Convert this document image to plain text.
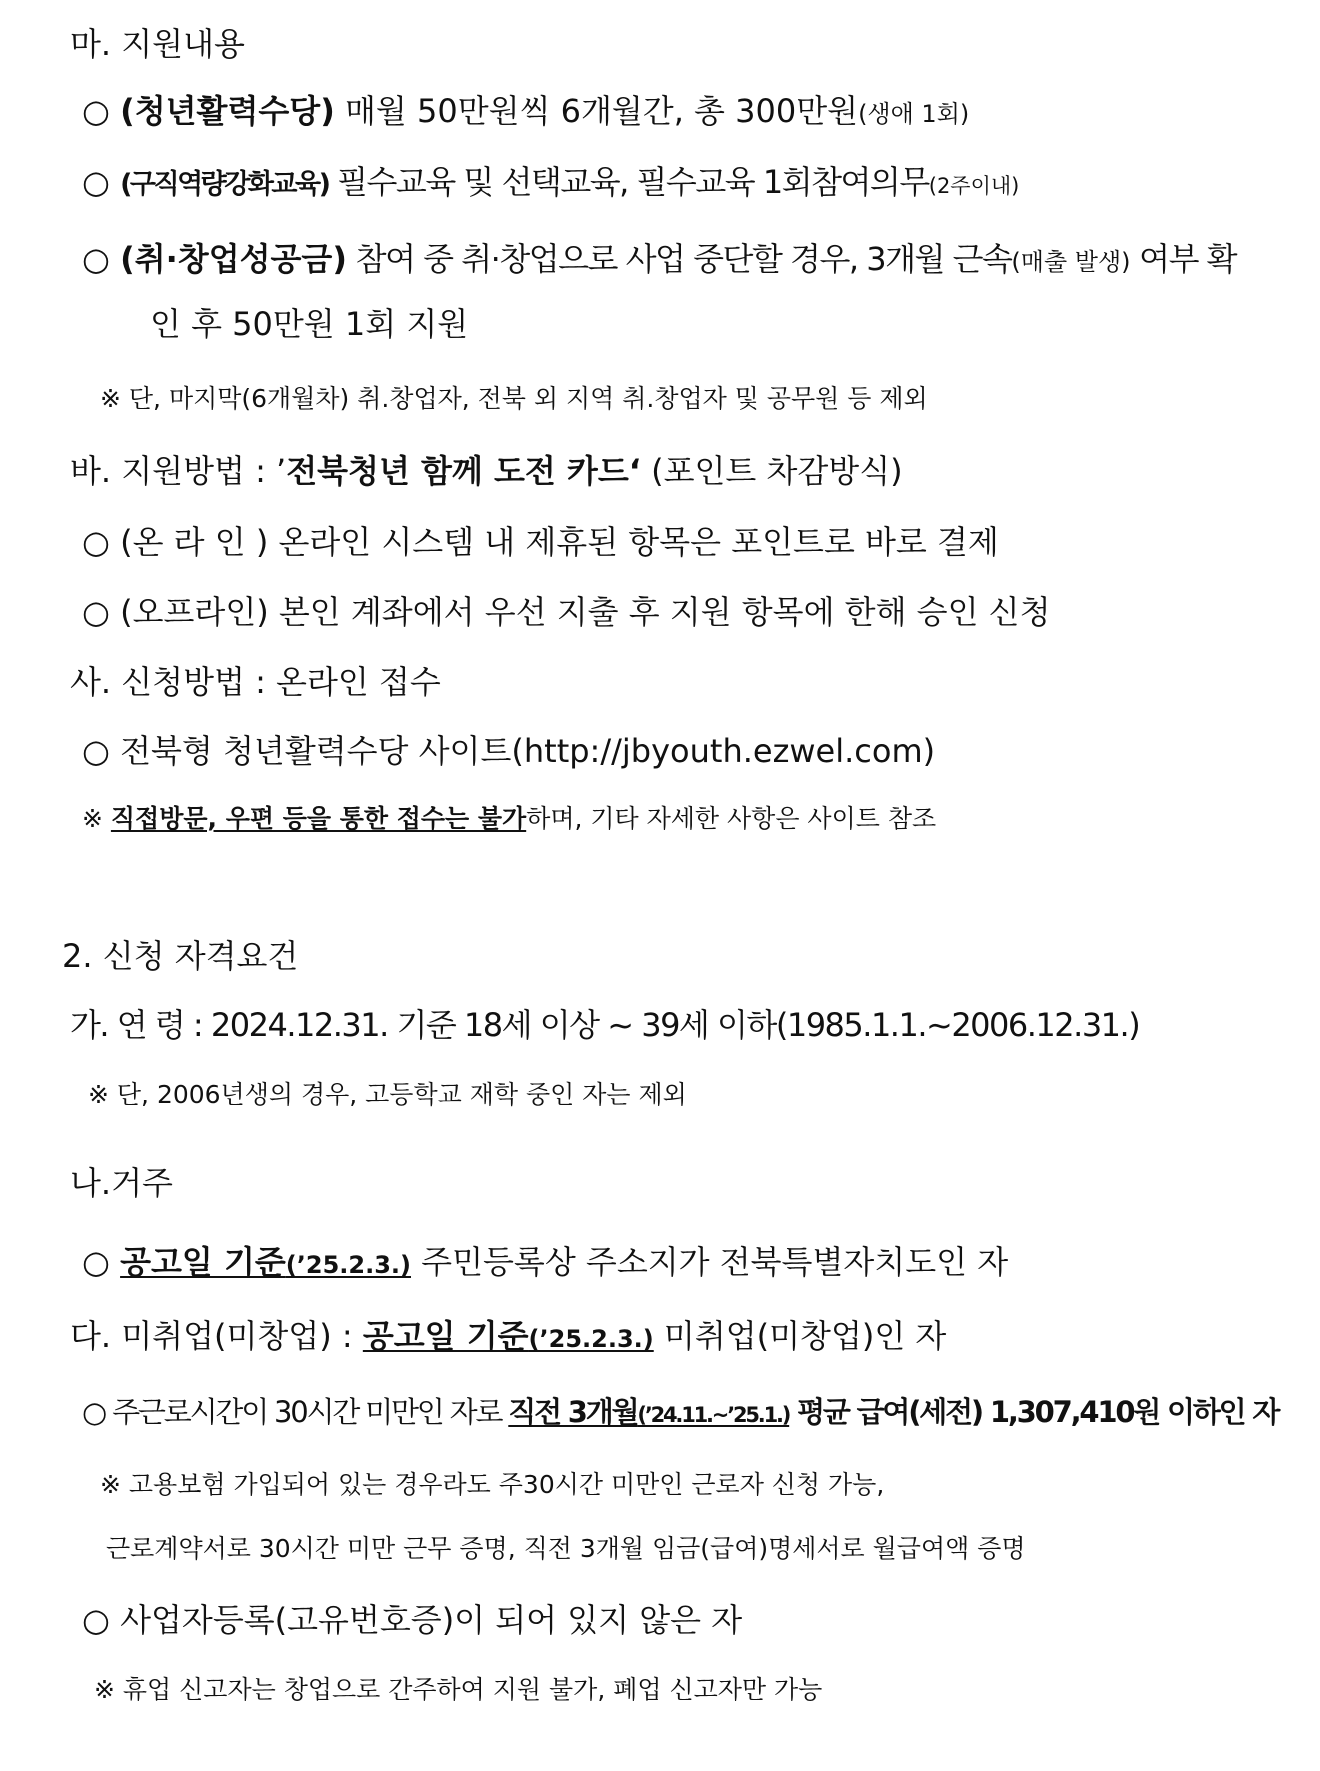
마. 지원내용
○ (청년활력수당) 매월 50만원씩 6개월간, 총 300만원(생애 1회)
○ (구직역량강화교육) 필수교육 및 선택교육, 필수교육 1회참여의무(2주이내)
○ (취·창업성공금) 참여 중 취·창업으로 사업 중단할 경우, 3개월 근속(매출 발생) 여부 확
인 후 50만원 1회 지원
※ 단, 마지막(6개월차) 취.창업자, 전북 외 지역 취.창업자 및 공무원 등 제외
바. 지원방법 : ’전북청년 함께 도전 카드‘ (포인트 차감방식)
○ (온 라 인 ) 온라인 시스템 내 제휴된 항목은 포인트로 바로 결제
○ (오프라인) 본인 계좌에서 우선 지출 후 지원 항목에 한해 승인 신청
사. 신청방법 : 온라인 접수
○ 전북형 청년활력수당 사이트(http://jbyouth.ezwel.com)
※ 직접방문, 우편 등을 통한 접수는 불가하며, 기타 자세한 사항은 사이트 참조
2. 신청 자격요건
가. 연 령 : 2024.12.31. 기준 18세 이상 ~ 39세 이하(1985.1.1.~2006.12.31.)
※ 단, 2006년생의 경우, 고등학교 재학 중인 자는 제외
나.거주
○ 공고일 기준(’25.2.3.) 주민등록상 주소지가 전북특별자치도인 자
다. 미취업(미창업) : 공고일 기준(’25.2.3.) 미취업(미창업)인 자
○ 주근로시간이 30시간 미만인 자로 직전 3개월(’24.11.~’25.1.) 평균 급여(세전) 1,307,410원 이하인 자
※ 고용보험 가입되어 있는 경우라도 주30시간 미만인 근로자 신청 가능,
근로계약서로 30시간 미만 근무 증명, 직전 3개월 임금(급여)명세서로 월급여액 증명
○ 사업자등록(고유번호증)이 되어 있지 않은 자
※ 휴업 신고자는 창업으로 간주하여 지원 불가, 폐업 신고자만 가능
